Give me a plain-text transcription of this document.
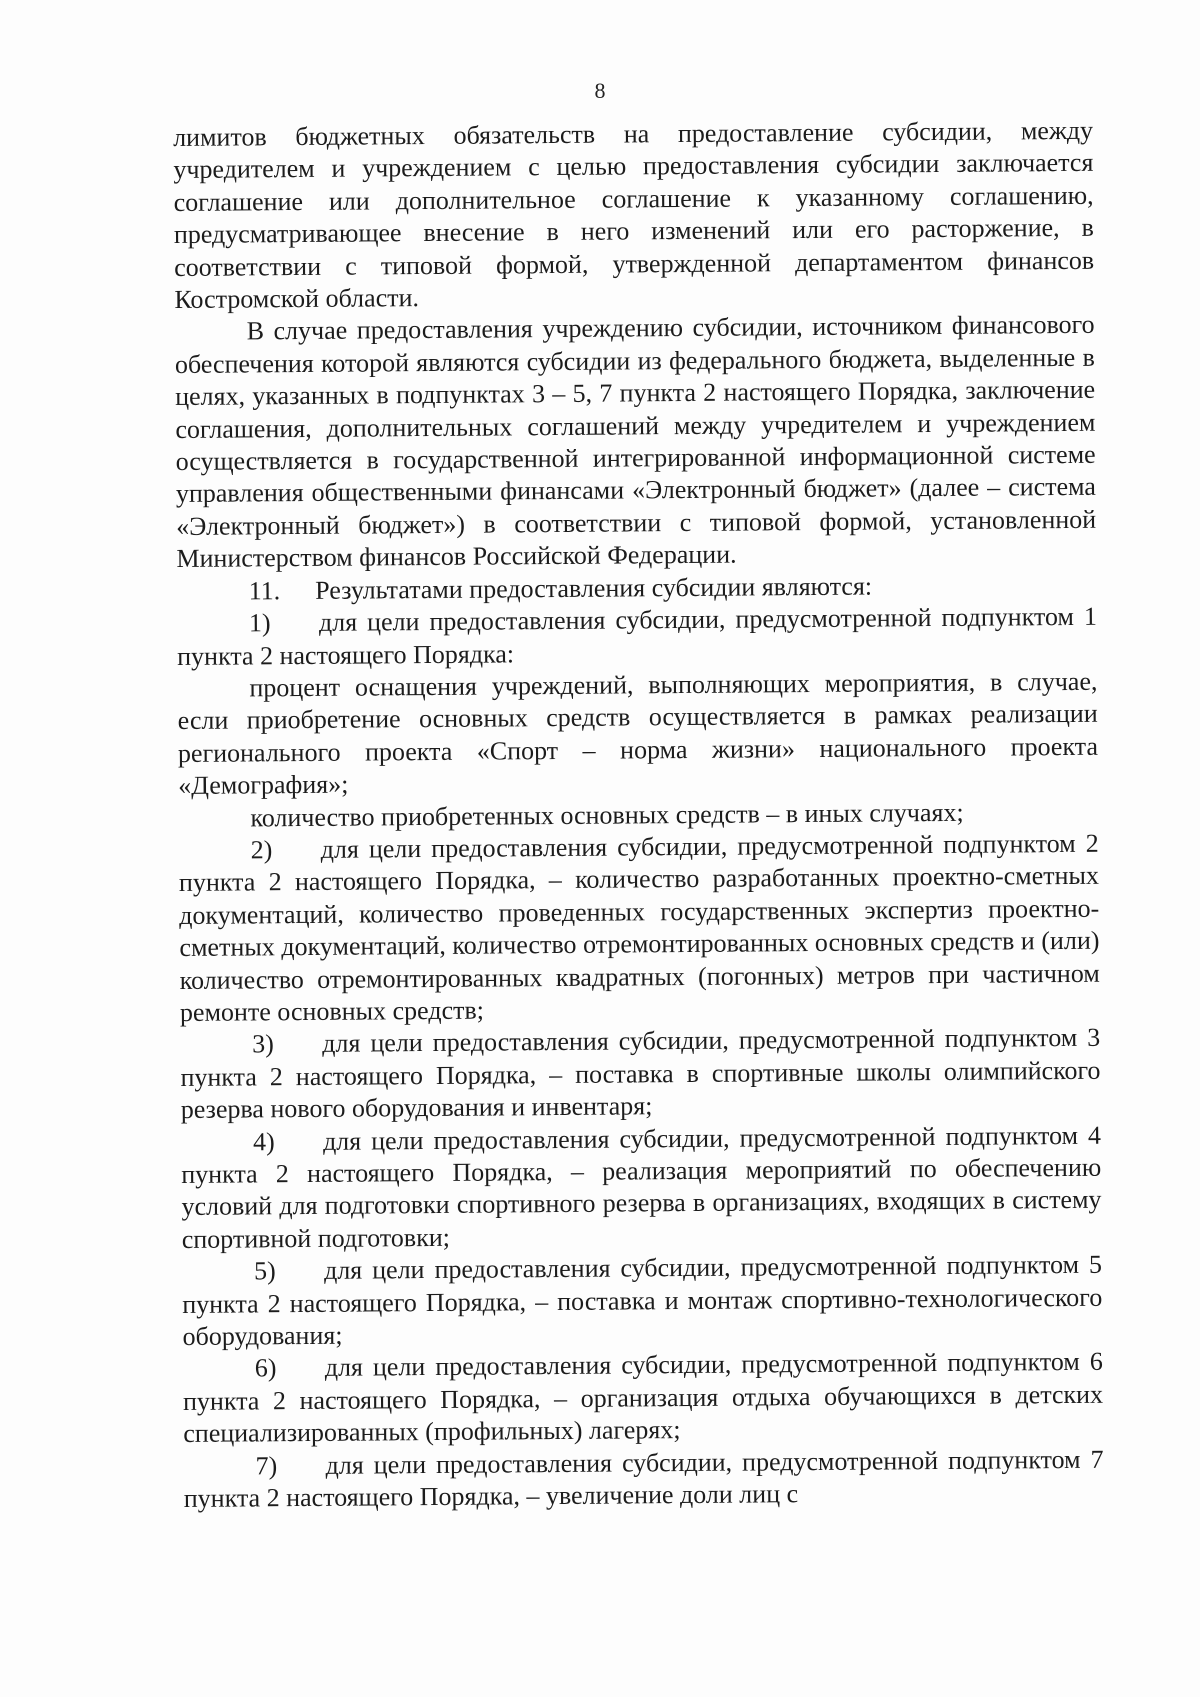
8

лимитов бюджетных обязательств на предоставление субсидии, между учредителем и учреждением с целью предоставления субсидии заключается соглашение или дополнительное соглашение к указанному соглашению, предусматривающее внесение в него изменений или его расторжение, в соответствии с типовой формой, утвержденной департаментом финансов Костромской области.

В случае предоставления учреждению субсидии, источником финансового обеспечения которой являются субсидии из федерального бюджета, выделенные в целях, указанных в подпунктах 3 – 5, 7 пункта 2 настоящего Порядка, заключение соглашения, дополнительных соглашений между учредителем и учреждением осуществляется в государственной интегрированной информационной системе управления общественными финансами «Электронный бюджет» (далее – система «Электронный бюджет») в соответствии с типовой формой, установленной Министерством финансов Российской Федерации.

11. Результатами предоставления субсидии являются:

1) для цели предоставления субсидии, предусмотренной подпунктом 1 пункта 2 настоящего Порядка:

процент оснащения учреждений, выполняющих мероприятия, в случае, если приобретение основных средств осуществляется в рамках реализации регионального проекта «Спорт – норма жизни» национального проекта «Демография»;

количество приобретенных основных средств – в иных случаях;

2) для цели предоставления субсидии, предусмотренной подпунктом 2 пункта 2 настоящего Порядка, – количество разработанных проектно-сметных документаций, количество проведенных государственных экспертиз проектно-сметных документаций, количество отремонтированных основных средств и (или) количество отремонтированных квадратных (погонных) метров при частичном ремонте основных средств;

3) для цели предоставления субсидии, предусмотренной подпунктом 3 пункта 2 настоящего Порядка, – поставка в спортивные школы олимпийского резерва нового оборудования и инвентаря;

4) для цели предоставления субсидии, предусмотренной подпунктом 4 пункта 2 настоящего Порядка, – реализация мероприятий по обеспечению условий для подготовки спортивного резерва в организациях, входящих в систему спортивной подготовки;

5) для цели предоставления субсидии, предусмотренной подпунктом 5 пункта 2 настоящего Порядка, – поставка и монтаж спортивно-технологического оборудования;

6) для цели предоставления субсидии, предусмотренной подпунктом 6 пункта 2 настоящего Порядка, – организация отдыха обучающихся в детских специализированных (профильных) лагерях;

7) для цели предоставления субсидии, предусмотренной подпунктом 7 пункта 2 настоящего Порядка, – увеличение доли лиц с
